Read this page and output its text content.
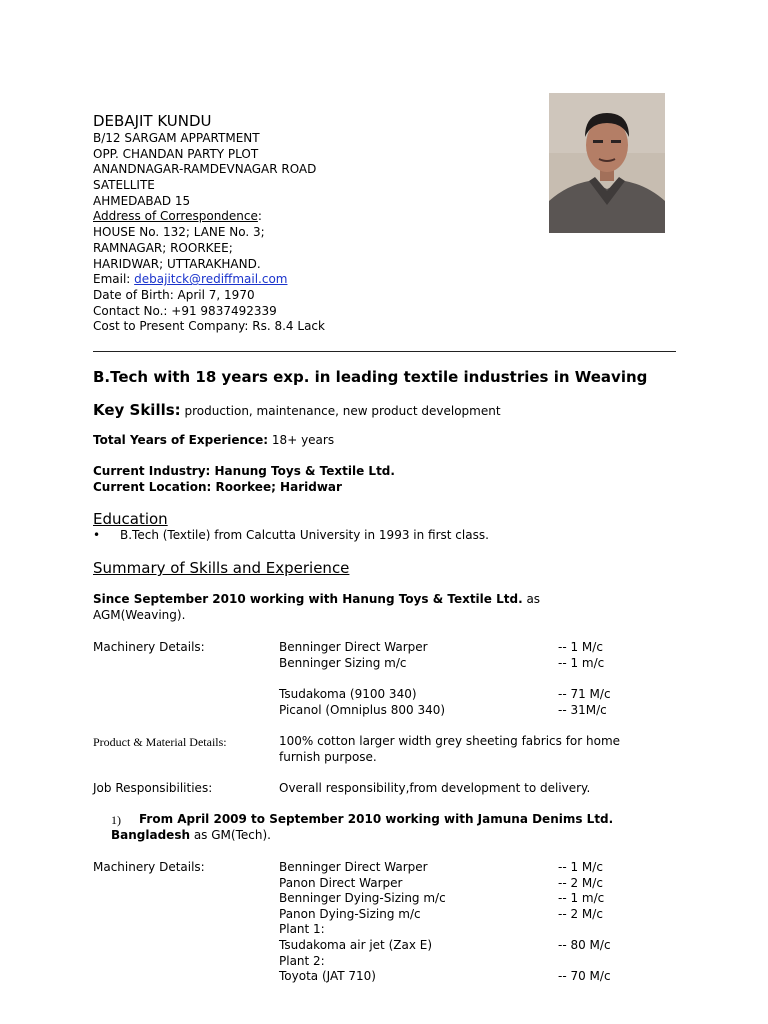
DEBAJIT KUNDU
B/12 SARGAM APPARTMENT
OPP. CHANDAN PARTY PLOT
ANANDNAGAR-RAMDEVNAGAR ROAD
SATELLITE
AHMEDABAD 15
Address of Correspondence:
HOUSE No. 132; LANE No. 3;
RAMNAGAR; ROORKEE;
HARIDWAR; UTTARAKHAND.
Email: debajitck@rediffmail.com
Date of Birth: April 7, 1970
Contact No.: +91 9837492339
Cost to Present Company: Rs. 8.4 Lack
B.Tech with 18 years exp. in leading textile industries in Weaving
Key Skills: production, maintenance, new product development
Total Years of Experience: 18+ years
Current Industry: Hanung Toys & Textile Ltd.
Current Location: Roorkee; Haridwar
Education
• B.Tech (Textile) from Calcutta University in 1993 in first class.
Summary of Skills and Experience
Since September 2010 working with Hanung Toys & Textile Ltd. as
AGM(Weaving).
Machinery Details:	Benninger Direct Warper	-- 1 M/c
Benninger Sizing m/c	-- 1 m/c
Tsudakoma (9100 340)	-- 71 M/c
Picanol (Omniplus 800 340)	-- 31M/c
Product & Material Details:	100% cotton larger width grey sheeting fabrics for home
furnish purpose.
Job Responsibilities:	Overall responsibility,from development to delivery.
1) From April 2009 to September 2010 working with Jamuna Denims Ltd.
Bangladesh as GM(Tech).
Machinery Details:	Benninger Direct Warper	-- 1 M/c
Panon Direct Warper	-- 2 M/c
Benninger Dying-Sizing m/c	-- 1 m/c
Panon Dying-Sizing m/c	-- 2 M/c
Plant 1:
Tsudakoma air jet (Zax E)	-- 80 M/c
Plant 2:
Toyota (JAT 710)	-- 70 M/c
